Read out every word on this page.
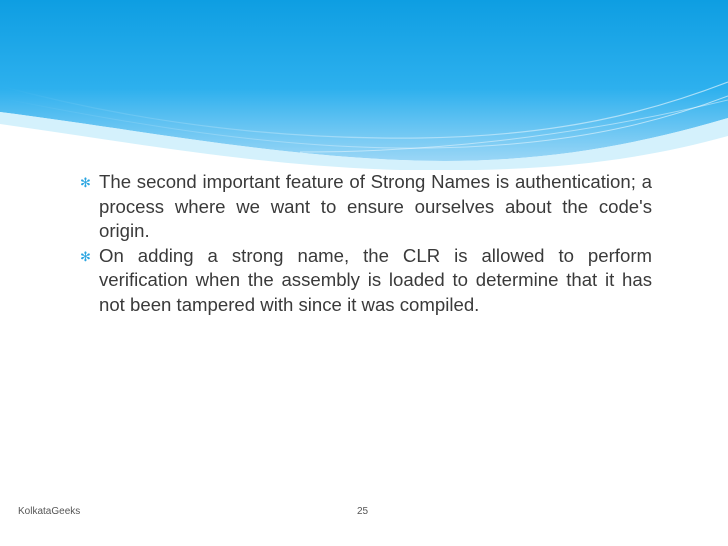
✻ The second important feature of Strong Names is authentication; a process where we want to ensure ourselves about the code's origin.
✻ On adding a strong name, the CLR is allowed to perform verification when the assembly is loaded to determine that it has not been tampered with since it was compiled.
KolkataGeeks	25
